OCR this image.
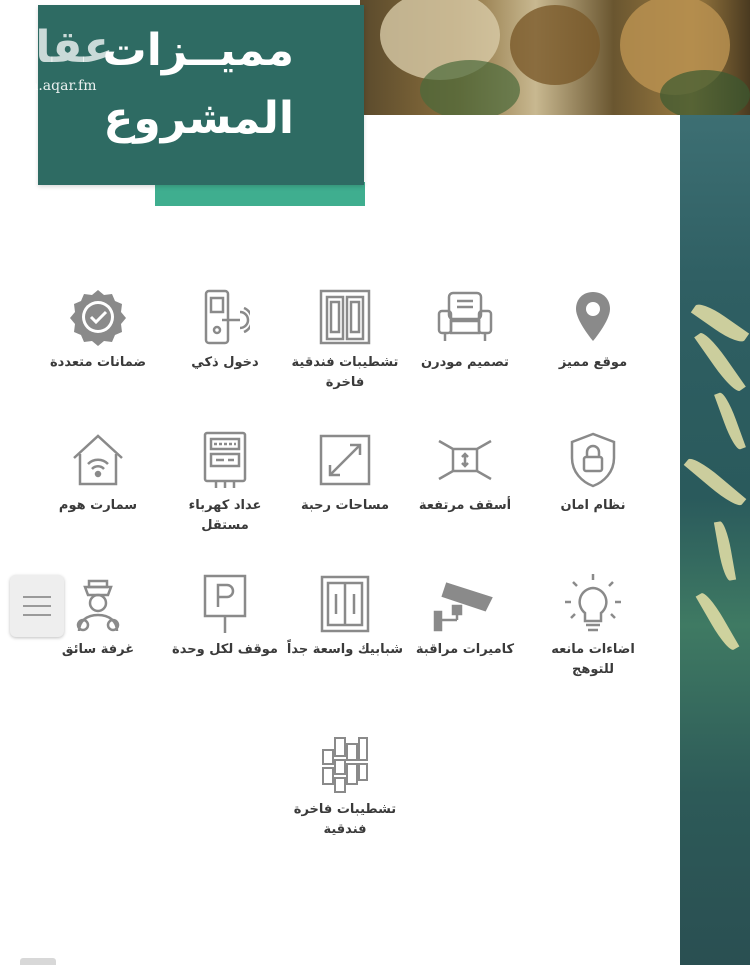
مميــزات
المشروع
عقار
a.aqar.fm
موقع مميز
تصميم مودرن
تشطيبات فندقية فاخرة
دخول ذكي
ضمانات متعددة
نظام امان
أسقف مرتفعة
مساحات رحبة
عداد كهرباء مستقل
سمارت هوم
اضاءات مانعه للتوهج
كاميرات مراقبة
شبابيك واسعة جداً
موقف لكل وحدة
غرفة سائق
تشطيبات فاخرة فندقية
